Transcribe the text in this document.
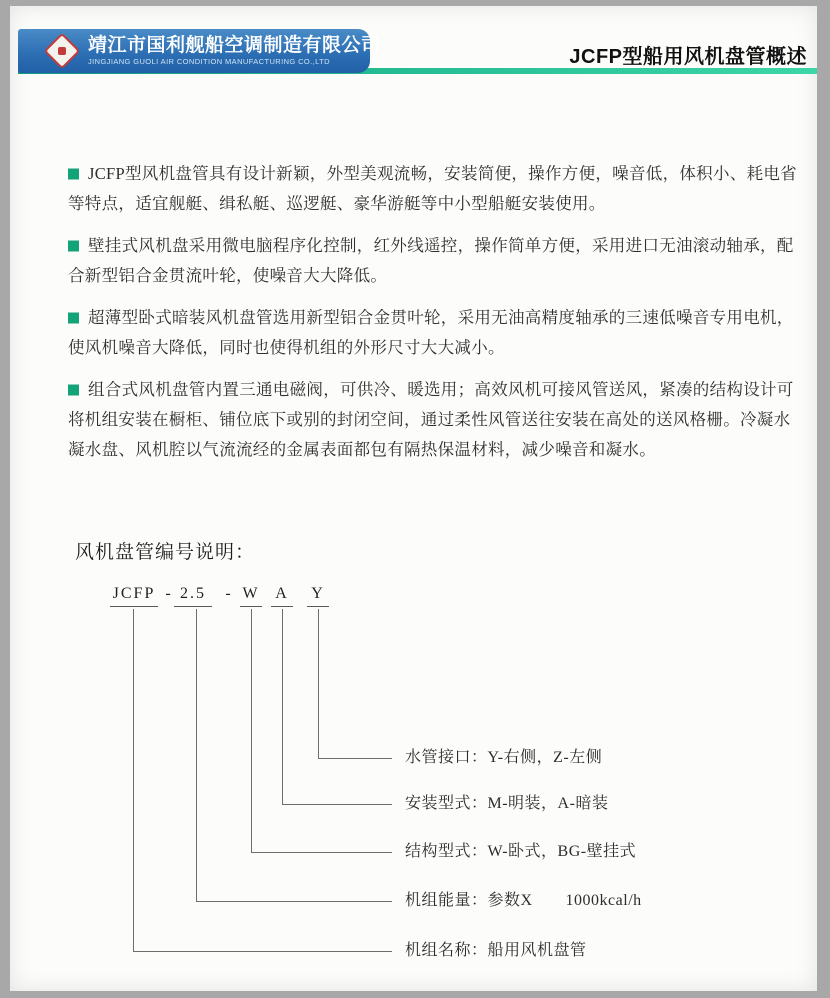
靖江市国利舰船空调制造有限公司
JINGJIANG GUOLI AIR CONDITION MANUFACTURING CO.,LTD	JCFP型船用风机盘管概述
JCFP型风机盘管具有设计新颖，外型美观流畅，安装简便，操作方便，噪音低，体积小、耗电省
等特点，适宜舰艇、缉私艇、巡逻艇、豪华游艇等中小型船艇安装使用。
壁挂式风机盘采用微电脑程序化控制，红外线遥控，操作简单方便，采用进口无油滚动轴承，配
合新型铝合金贯流叶轮，使噪音大大降低。
超薄型卧式暗装风机盘管选用新型铝合金贯叶轮，采用无油高精度轴承的三速低噪音专用电机，
使风机噪音大降低，同时也使得机组的外形尺寸大大减小。
组合式风机盘管内置三通电磁阀，可供冷、暖选用；高效风机可接风管送风，紧凑的结构设计可
将机组安装在橱柜、铺位底下或别的封闭空间，通过柔性风管送往安装在高处的送风格栅。冷凝水
凝水盘、风机腔以气流流经的金属表面都包有隔热保温材料，减少噪音和凝水。
风机盘管编号说明：
JCFP - 2.5	- W A Y
水管接口：Y-右侧，Z-左侧
安装型式：M-明装，A-暗装
结构型式：W-卧式，BG-壁挂式
机组能量：参数X　　1000kcal/h
机组名称：船用风机盘管
